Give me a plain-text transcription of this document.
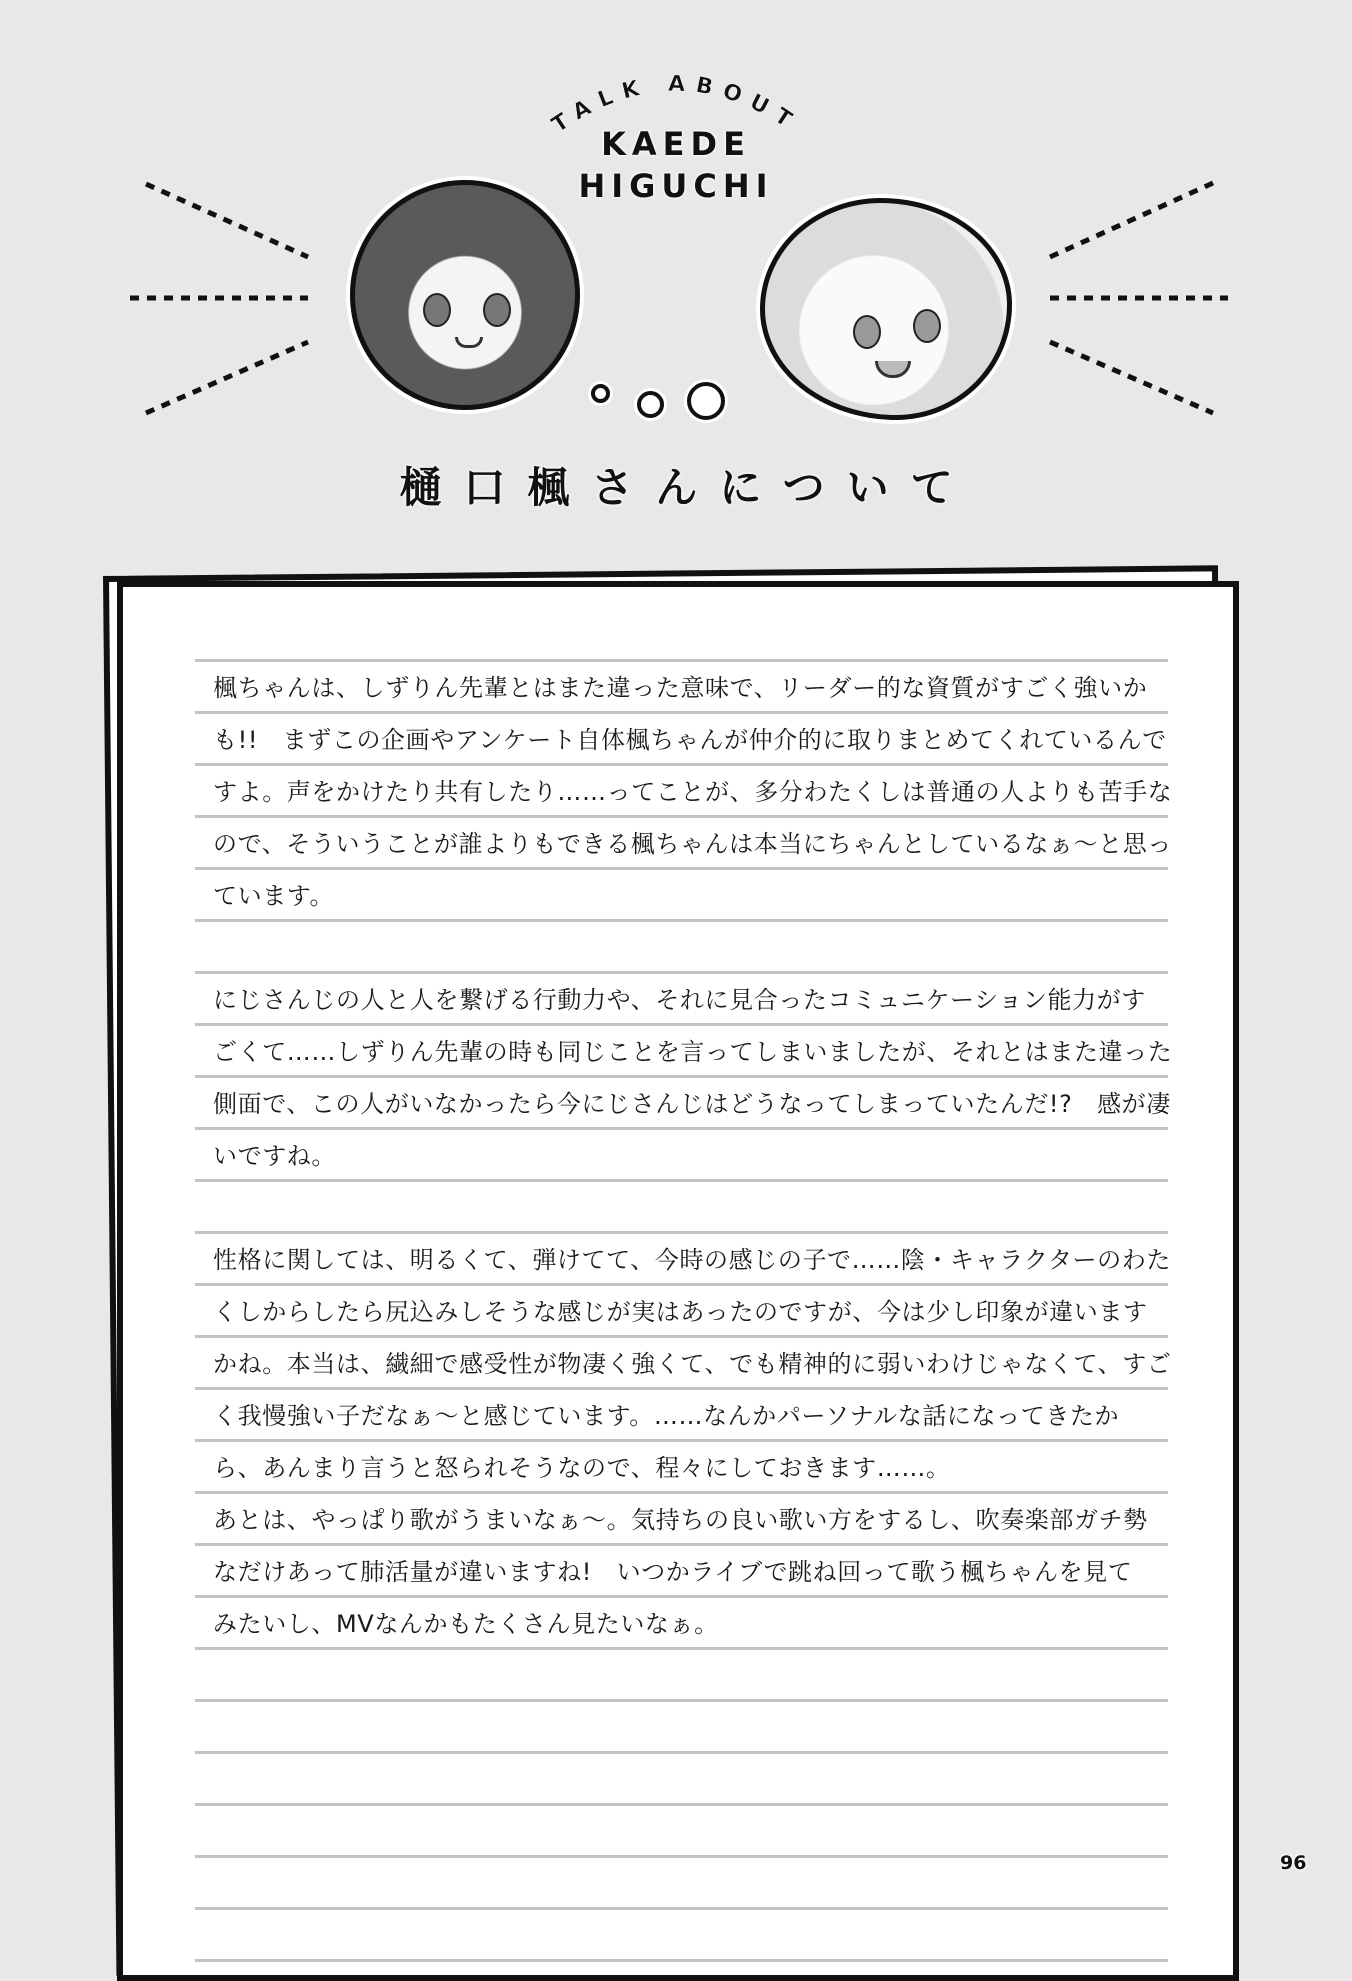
TALK ABOUT
KAEDE
HIGUCHI
樋口楓さんについて
楓ちゃんは、しずりん先輩とはまた違った意味で、リーダー的な資質がすごく強いか
も!!　まずこの企画やアンケート自体楓ちゃんが仲介的に取りまとめてくれているんで
すよ。声をかけたり共有したり……ってことが、多分わたくしは普通の人よりも苦手な
ので、そういうことが誰よりもできる楓ちゃんは本当にちゃんとしているなぁ～と思っ
ています。
にじさんじの人と人を繋げる行動力や、それに見合ったコミュニケーション能力がす
ごくて……しずりん先輩の時も同じことを言ってしまいましたが、それとはまた違った
側面で、この人がいなかったら今にじさんじはどうなってしまっていたんだ!?　感が凄
いですね。
性格に関しては、明るくて、弾けてて、今時の感じの子で……陰・キャラクターのわた
くしからしたら尻込みしそうな感じが実はあったのですが、今は少し印象が違います
かね。本当は、繊細で感受性が物凄く強くて、でも精神的に弱いわけじゃなくて、すご
く我慢強い子だなぁ～と感じています。……なんかパーソナルな話になってきたか
ら、あんまり言うと怒られそうなので、程々にしておきます……。
あとは、やっぱり歌がうまいなぁ～。気持ちの良い歌い方をするし、吹奏楽部ガチ勢
なだけあって肺活量が違いますね!　いつかライブで跳ね回って歌う楓ちゃんを見て
みたいし、MVなんかもたくさん見たいなぁ。
96
